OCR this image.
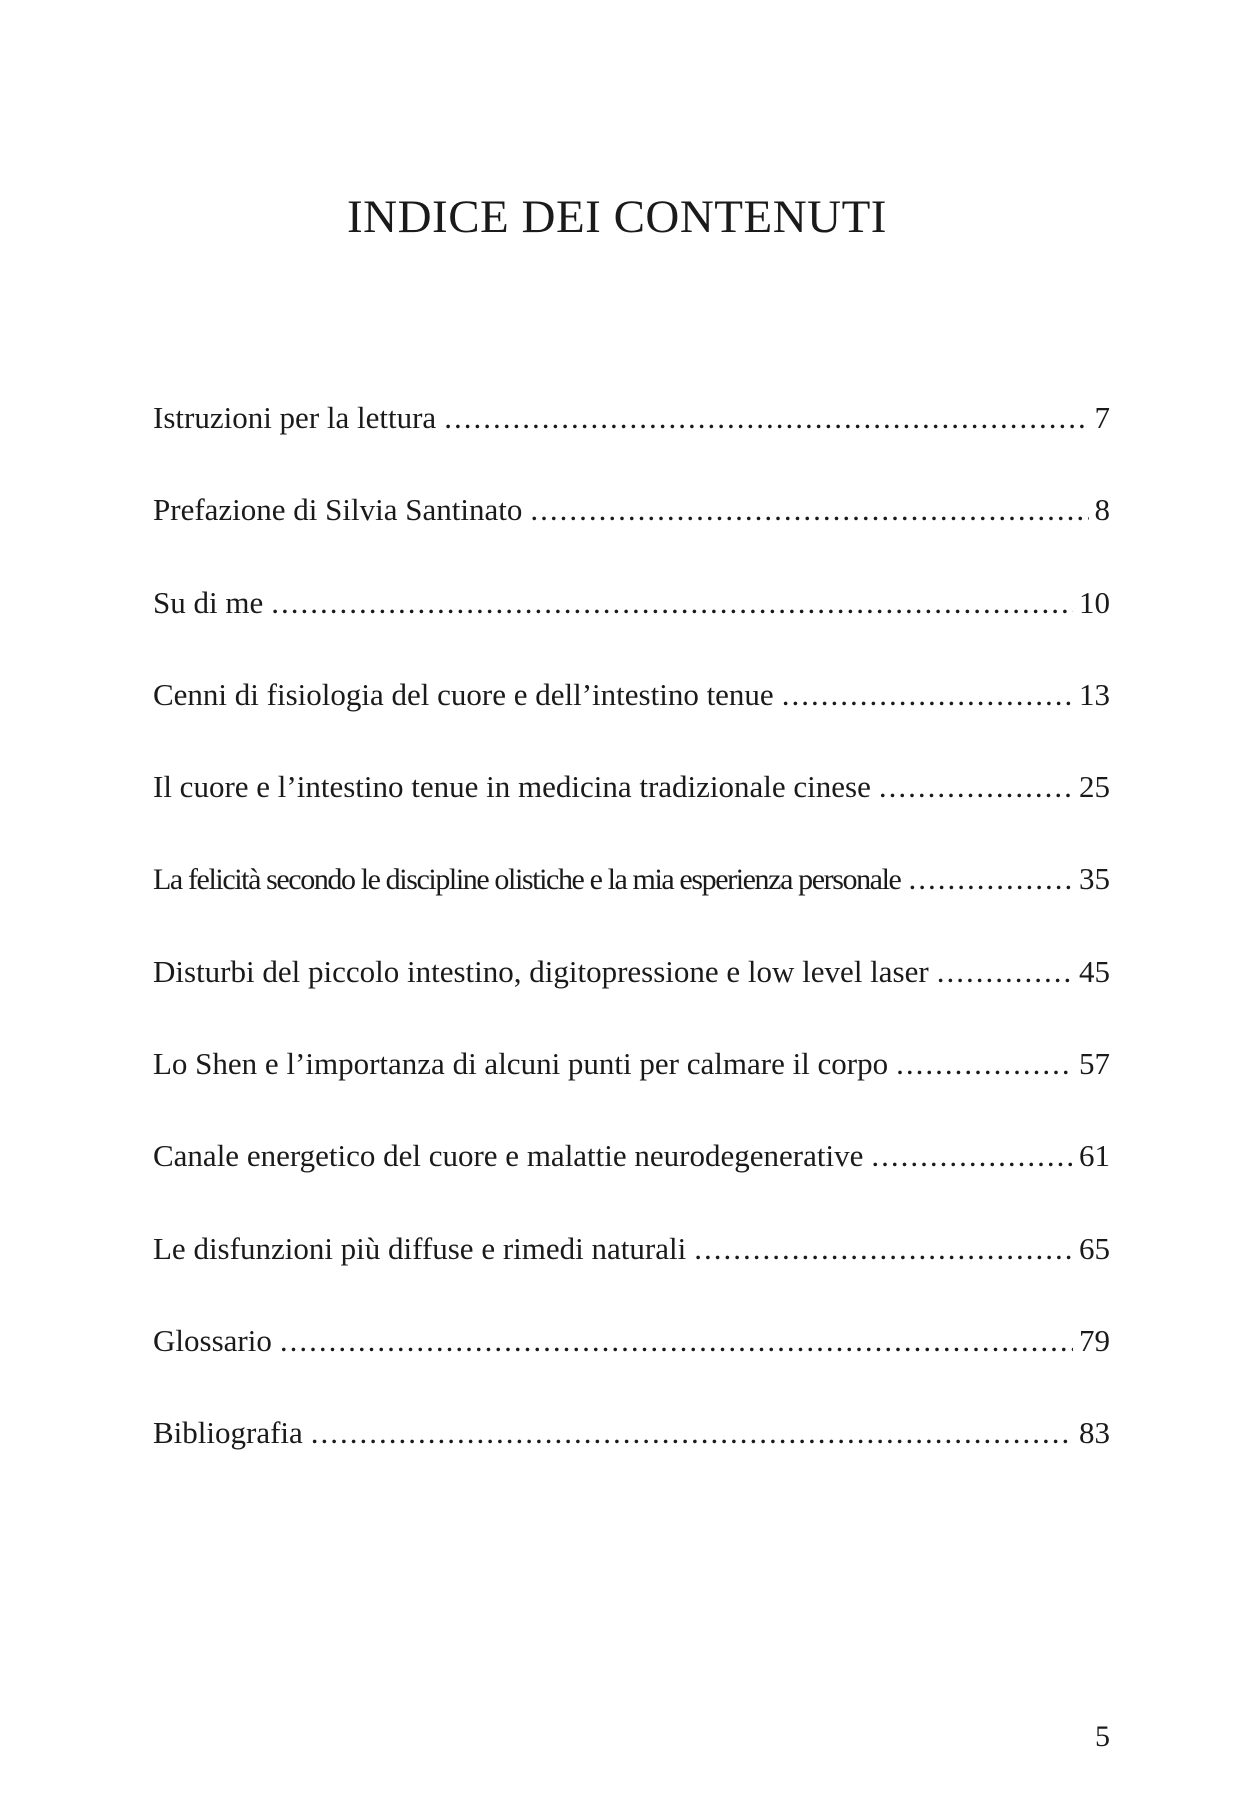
INDICE DEI CONTENUTI
Istruzioni per la lettura .....	7
Prefazione di Silvia Santinato .....	8
Su di me .....	10
Cenni di fisiologia del cuore e dell’intestino tenue .....	13
Il cuore e l’intestino tenue in medicina tradizionale cinese .....	25
La felicità secondo le discipline olistiche e la mia esperienza personale .....	35
Disturbi del piccolo intestino, digitopressione e low level laser .....	45
Lo Shen e l’importanza di alcuni punti per calmare il corpo .....	57
Canale energetico del cuore e malattie neurodegenerative .....	61
Le disfunzioni più diffuse e rimedi naturali .....	65
Glossario .....	79
Bibliografia .....	83
5
